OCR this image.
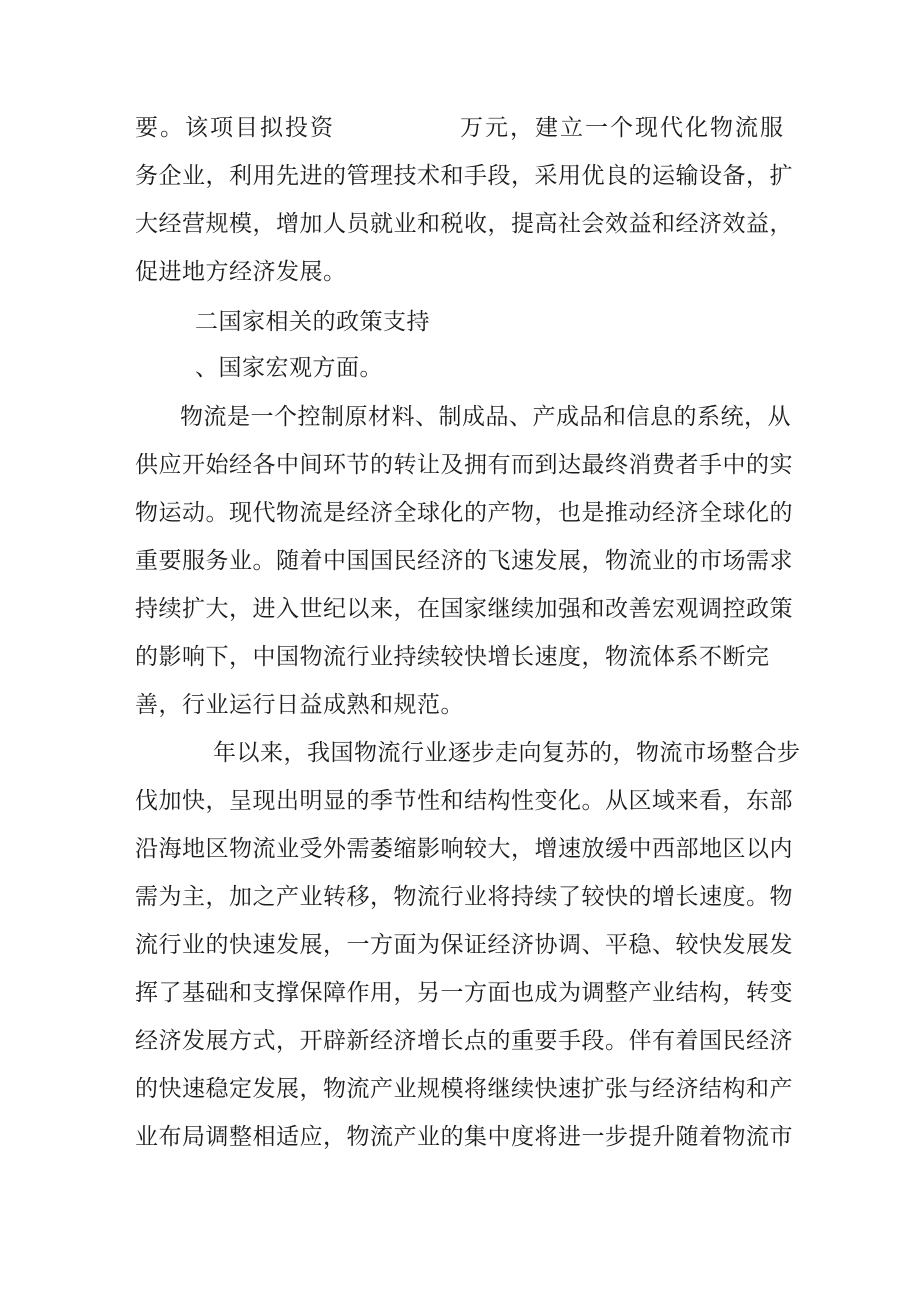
要。该项目拟投资　　　　　万元，建立一个现代化物流服
务企业，利用先进的管理技术和手段，采用优良的运输设备，扩
大经营规模，增加人员就业和税收，提高社会效益和经济效益，
促进地方经济发展。
二国家相关的政策支持
、国家宏观方面。
物流是一个控制原材料、制成品、产成品和信息的系统，从
供应开始经各中间环节的转让及拥有而到达最终消费者手中的实
物运动。现代物流是经济全球化的产物，也是推动经济全球化的
重要服务业。随着中国国民经济的飞速发展，物流业的市场需求
持续扩大，进入世纪以来，在国家继续加强和改善宏观调控政策
的影响下，中国物流行业持续较快增长速度，物流体系不断完
善，行业运行日益成熟和规范。
年以来，我国物流行业逐步走向复苏的，物流市场整合步
伐加快，呈现出明显的季节性和结构性变化。从区域来看，东部
沿海地区物流业受外需萎缩影响较大，增速放缓中西部地区以内
需为主，加之产业转移，物流行业将持续了较快的增长速度。物
流行业的快速发展，一方面为保证经济协调、平稳、较快发展发
挥了基础和支撑保障作用，另一方面也成为调整产业结构，转变
经济发展方式，开辟新经济增长点的重要手段。伴有着国民经济
的快速稳定发展，物流产业规模将继续快速扩张与经济结构和产
业布局调整相适应，物流产业的集中度将进一步提升随着物流市
